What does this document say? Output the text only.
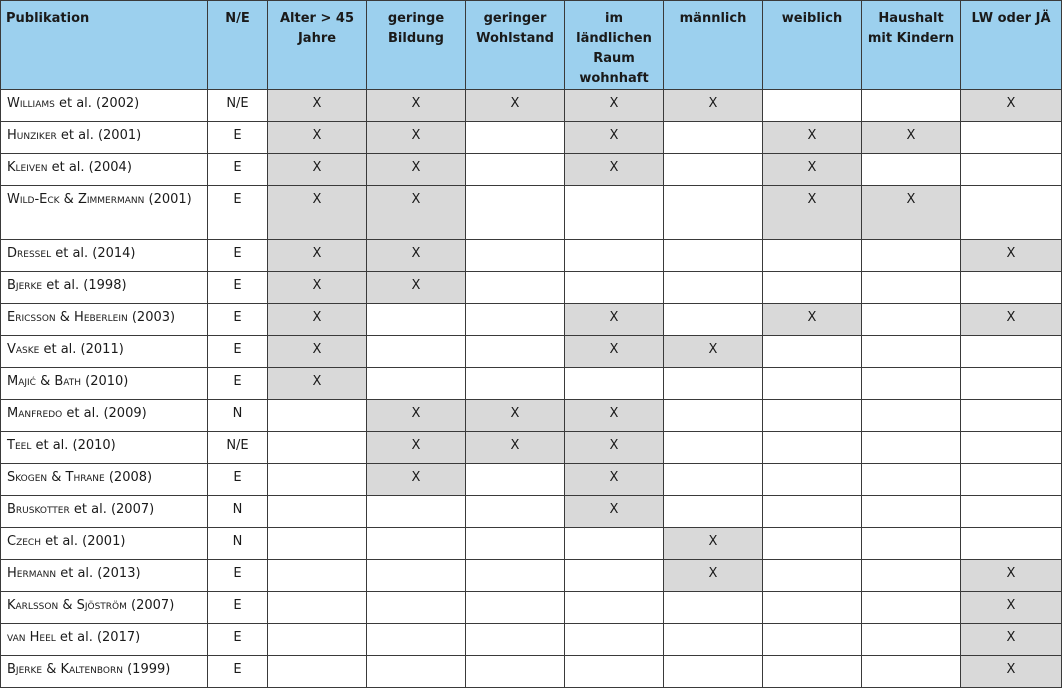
Publikation	N/E	Alter > 45 Jahre	geringe Bildung	geringer Wohlstand	im ländlichen Raum wohnhaft	männlich	weiblich	Haushalt mit Kindern	LW oder JÄ
Williams et al. (2002)	N/E	X	X	X	X	X			X
Hunziker et al. (2001)	E	X	X		X		X	X	
Kleiven et al. (2004)	E	X	X		X		X		
Wild-Eck & Zimmermann (2001)	E	X	X				X	X	
Dressel et al. (2014)	E	X	X						X
Bjerke et al. (1998)	E	X	X						
Ericsson & Heberlein (2003)	E	X			X		X		X
Vaske et al. (2011)	E	X			X	X			
Majić & Bath (2010)	E	X							
Manfredo et al. (2009)	N		X	X	X				
Teel et al. (2010)	N/E		X	X	X				
Skogen & Thrane (2008)	E		X		X				
Bruskotter et al. (2007)	N				X				
Czech et al. (2001)	N					X			
Hermann et al. (2013)	E					X			X
Karlsson & Sjöström (2007)	E								X
van Heel et al. (2017)	E								X
Bjerke & Kaltenborn (1999)	E								X
